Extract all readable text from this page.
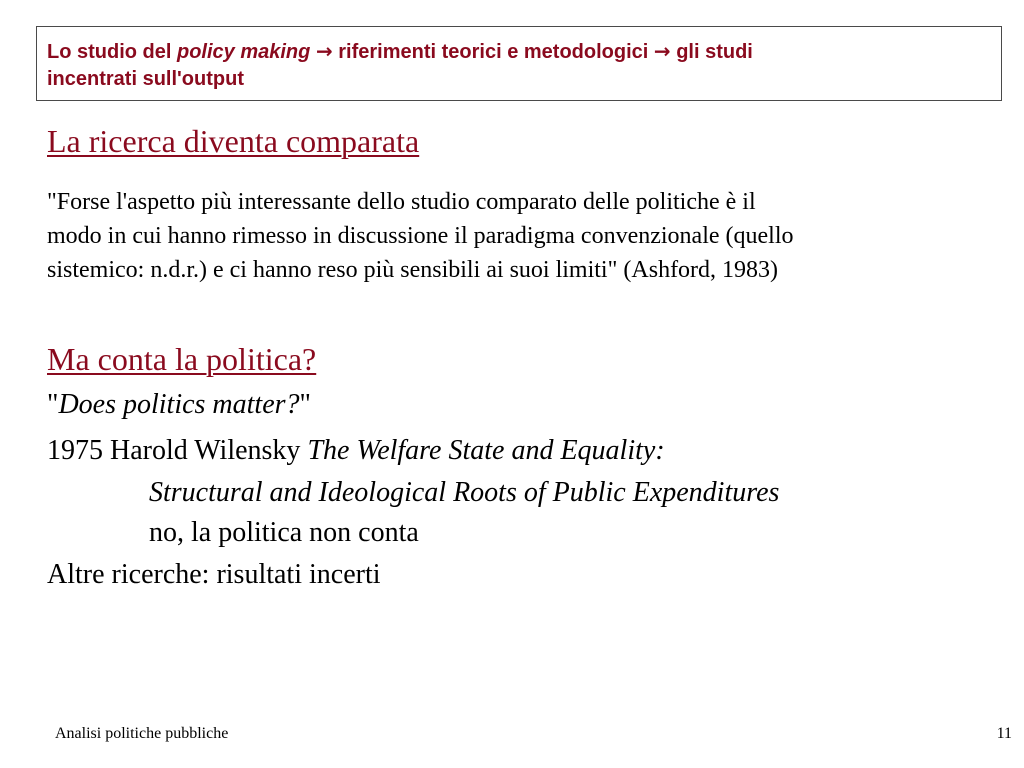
Lo studio del policy making → riferimenti teorici e metodologici → gli studi
incentrati sull'output
La ricerca diventa comparata

"Forse l'aspetto più interessante dello studio comparato delle politiche è il

modo in cui hanno rimesso in discussione il paradigma convenzionale (quello

sistemico: n.d.r.) e ci hanno reso più sensibili ai suoi limiti" (Ashford, 1983)

Ma conta la politica?
"Does politics matter?"
1975 Harold Wilensky The Welfare State and Equality:
Structural and Ideological Roots of Public Expenditures
no, la politica non conta
Altre ricerche: risultati incerti
Analisi politiche pubbliche	11
